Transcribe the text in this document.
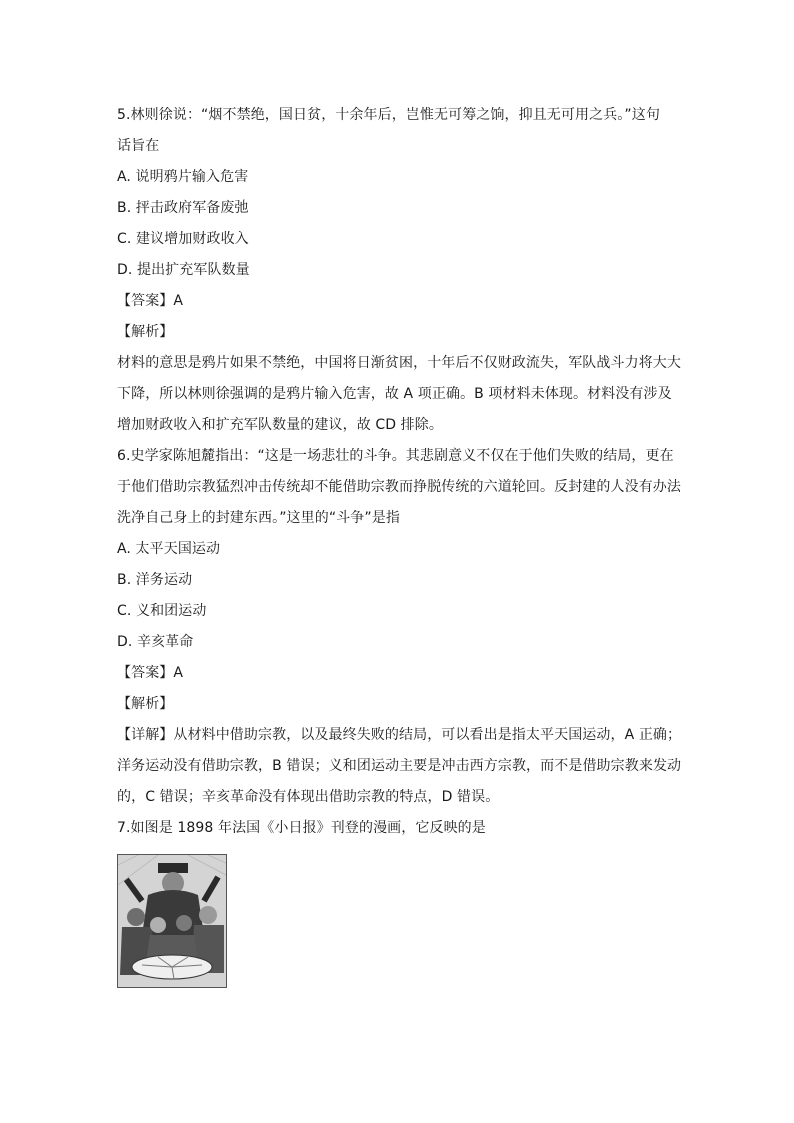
5.林则徐说：“烟不禁绝，国日贫，十余年后，岂惟无可筹之饷，抑且无可用之兵。”这句
话旨在
A. 说明鸦片输入危害
B. 抨击政府军备废弛
C. 建议增加财政收入
D. 提出扩充军队数量
【答案】A
【解析】
材料的意思是鸦片如果不禁绝，中国将日渐贫困，十年后不仅财政流失，军队战斗力将大大
下降，所以林则徐强调的是鸦片输入危害，故 A 项正确。B 项材料未体现。材料没有涉及
增加财政收入和扩充军队数量的建议，故 CD 排除。
6.史学家陈旭麓指出：“这是一场悲壮的斗争。其悲剧意义不仅在于他们失败的结局，更在
于他们借助宗教猛烈冲击传统却不能借助宗教而挣脱传统的六道轮回。反封建的人没有办法
洗净自己身上的封建东西。”这里的“斗争”是指
A. 太平天国运动
B. 洋务运动
C. 义和团运动
D. 辛亥革命
【答案】A
【解析】
【详解】从材料中借助宗教，以及最终失败的结局，可以看出是指太平天国运动，A 正确；
洋务运动没有借助宗教，B 错误；义和团运动主要是冲击西方宗教，而不是借助宗教来发动
的，C 错误；辛亥革命没有体现出借助宗教的特点，D 错误。
7.如图是 1898 年法国《小日报》刊登的漫画，它反映的是
